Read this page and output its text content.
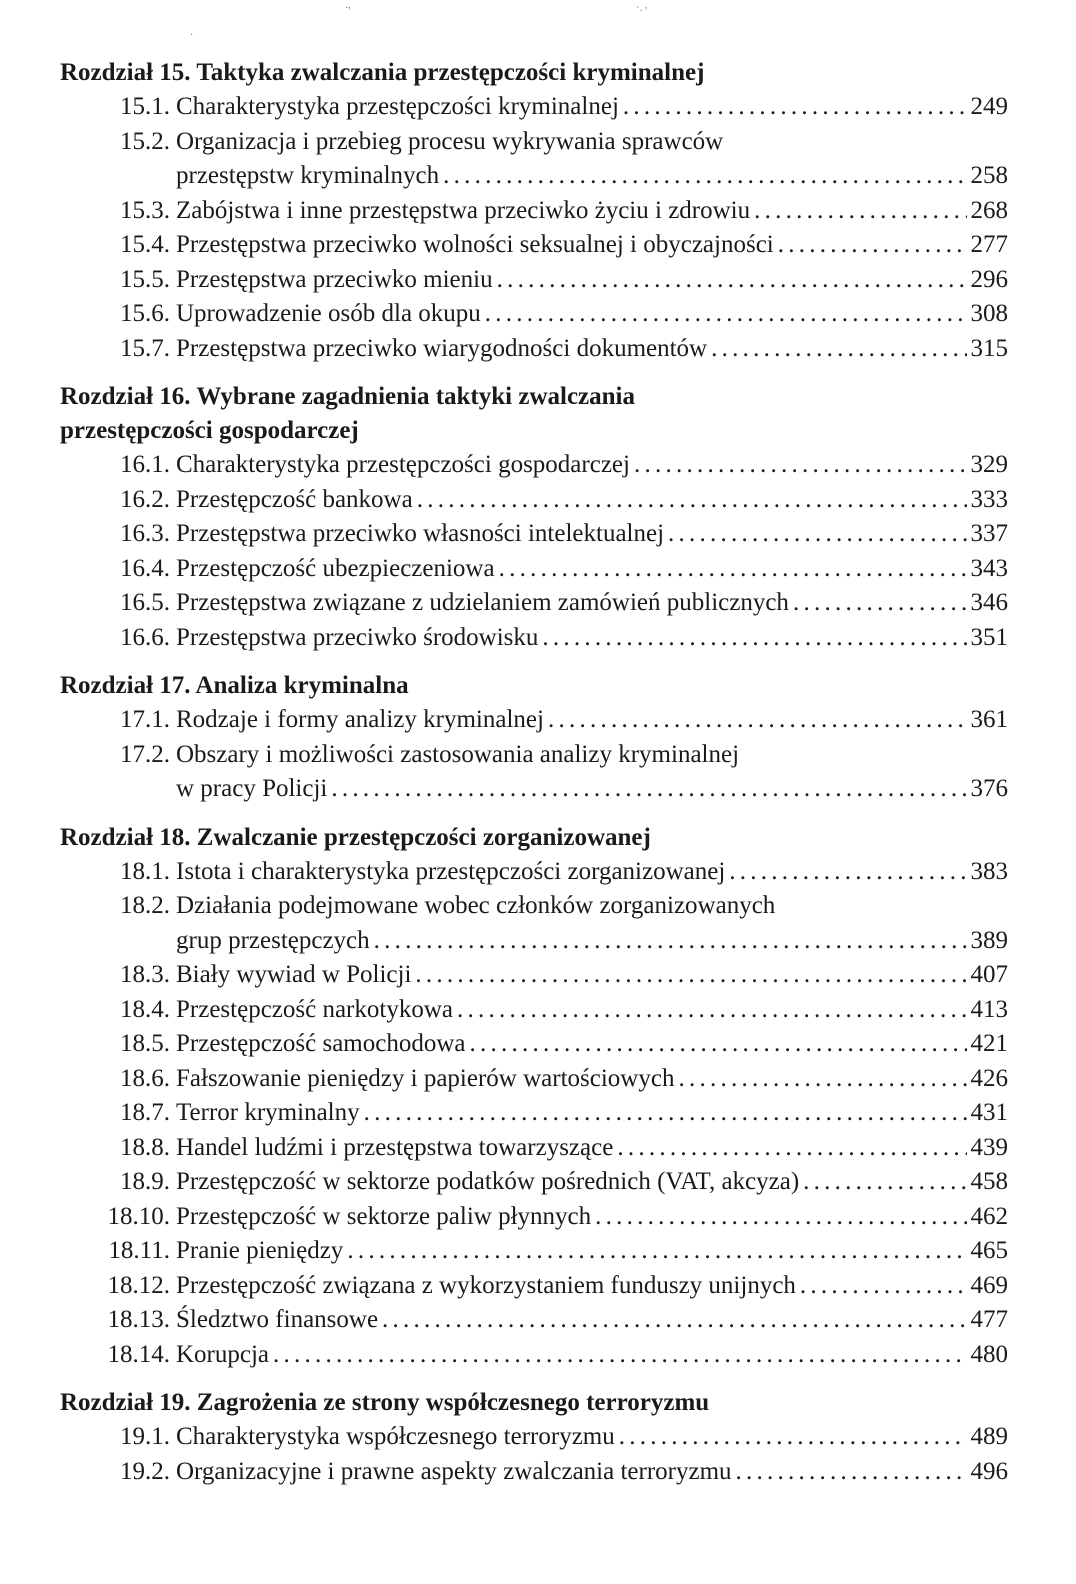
˙'	`· '
·
Rozdział 15. Taktyka zwalczania przestępczości kryminalnej
15.1. Charakterystyka przestępczości kryminalnej . . .	249
15.2. Organizacja i przebieg procesu wykrywania sprawców
przestępstw kryminalnych . . .	258
15.3. Zabójstwa i inne przestępstwa przeciwko życiu i zdrowiu . . .	268
15.4. Przestępstwa przeciwko wolności seksualnej i obyczajności . . .	277
15.5. Przestępstwa przeciwko mieniu . . .	296
15.6. Uprowadzenie osób dla okupu . . .	308
15.7. Przestępstwa przeciwko wiarygodności dokumentów . . .	315
Rozdział 16. Wybrane zagadnienia taktyki zwalczania
przestępczości gospodarczej
16.1. Charakterystyka przestępczości gospodarczej . . .	329
16.2. Przestępczość bankowa . . .	333
16.3. Przestępstwa przeciwko własności intelektualnej . . .	337
16.4. Przestępczość ubezpieczeniowa . . .	343
16.5. Przestępstwa związane z udzielaniem zamówień publicznych . . .	346
16.6. Przestępstwa przeciwko środowisku . . .	351
Rozdział 17. Analiza kryminalna
17.1. Rodzaje i formy analizy kryminalnej . . .	361
17.2. Obszary i możliwości zastosowania analizy kryminalnej
w pracy Policji . . .	376
Rozdział 18. Zwalczanie przestępczości zorganizowanej
18.1. Istota i charakterystyka przestępczości zorganizowanej . . .	383
18.2. Działania podejmowane wobec członków zorganizowanych
grup przestępczych . . .	389
18.3. Biały wywiad w Policji . . .	407
18.4. Przestępczość narkotykowa . . .	413
18.5. Przestępczość samochodowa . . .	421
18.6. Fałszowanie pieniędzy i papierów wartościowych . . .	426
18.7. Terror kryminalny . . .	431
18.8. Handel ludźmi i przestępstwa towarzyszące . . .	439
18.9. Przestępczość w sektorze podatków pośrednich (VAT, akcyza) . . .	458
18.10. Przestępczość w sektorze paliw płynnych . . .	462
18.11. Pranie pieniędzy . . .	465
18.12. Przestępczość związana z wykorzystaniem funduszy unijnych . . .	469
18.13. Śledztwo finansowe . . .	477
18.14. Korupcja . . .	480
Rozdział 19. Zagrożenia ze strony współczesnego terroryzmu
19.1. Charakterystyka współczesnego terroryzmu . . .	489
19.2. Organizacyjne i prawne aspekty zwalczania terroryzmu . . .	496
